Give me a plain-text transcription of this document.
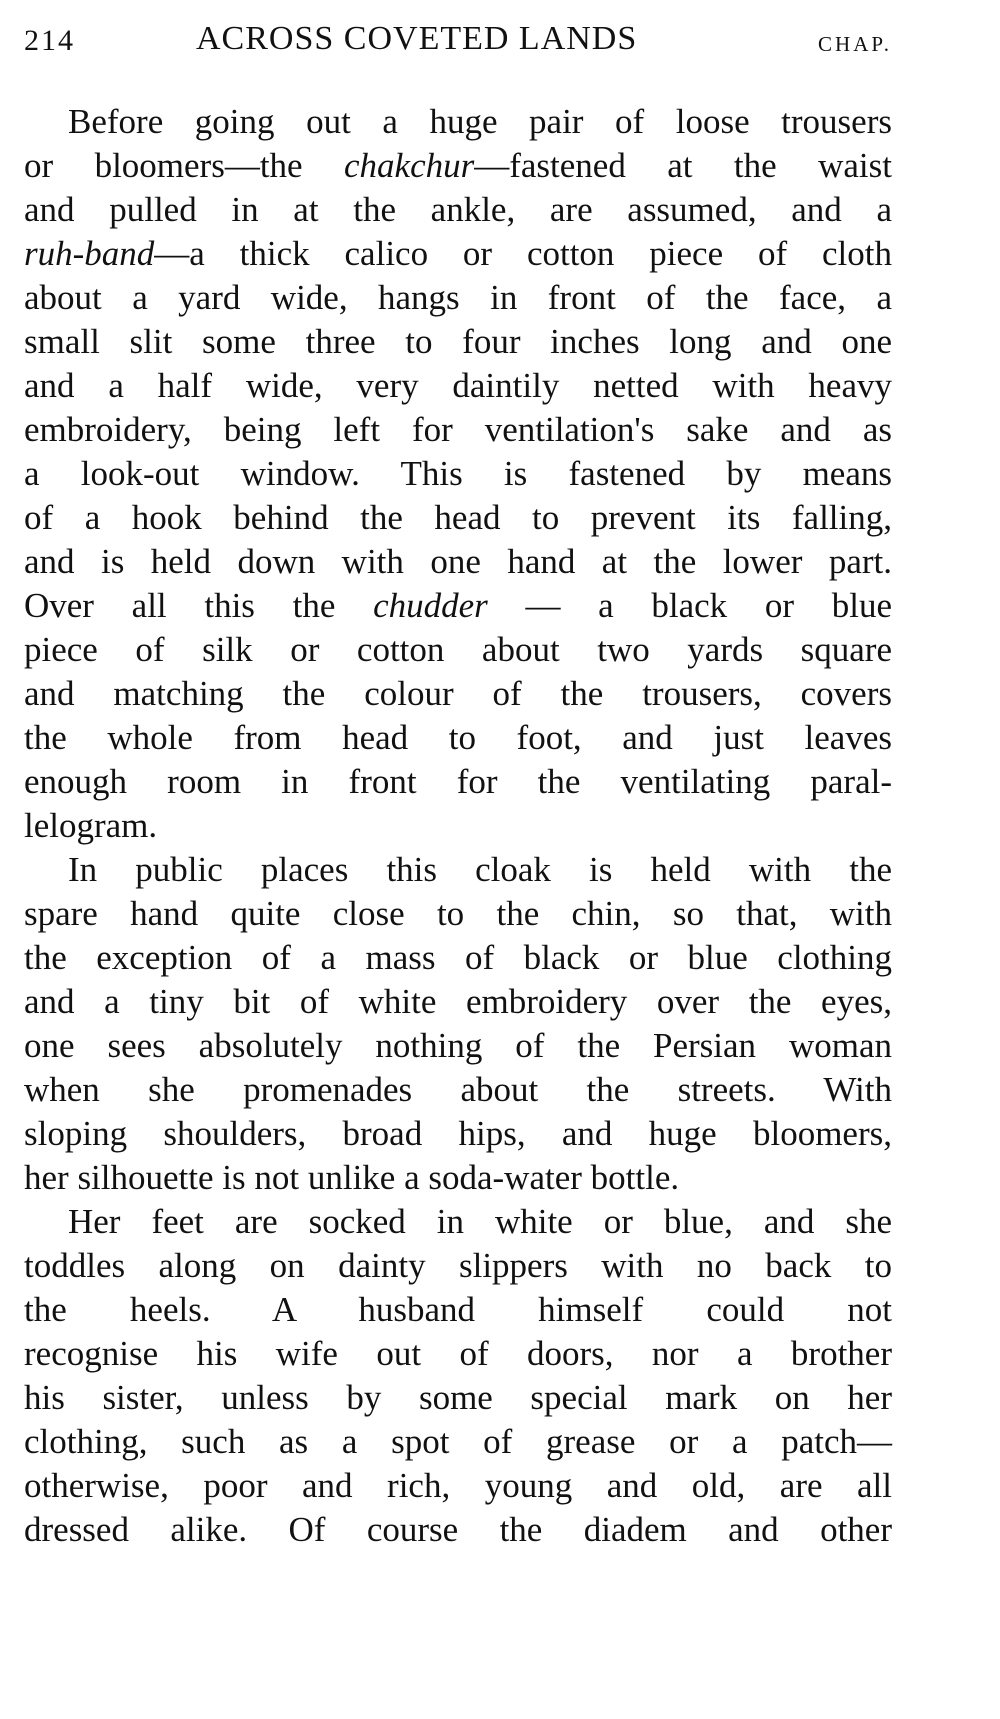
214	ACROSS COVETED LANDS	CHAP.
Before going out a huge pair of loose trousers
or bloomers—the chakchur—fastened at the waist
and pulled in at the ankle, are assumed, and a
ruh-band—a thick calico or cotton piece of cloth
about a yard wide, hangs in front of the face, a
small slit some three to four inches long and one
and a half wide, very daintily netted with heavy
embroidery, being left for ventilation's sake and as
a look-out window. This is fastened by means
of a hook behind the head to prevent its falling,
and is held down with one hand at the lower part.
Over all this the chudder — a black or blue
piece of silk or cotton about two yards square
and matching the colour of the trousers, covers
the whole from head to foot, and just leaves
enough room in front for the ventilating paral-
lelogram.
In public places this cloak is held with the
spare hand quite close to the chin, so that, with
the exception of a mass of black or blue clothing
and a tiny bit of white embroidery over the eyes,
one sees absolutely nothing of the Persian woman
when she promenades about the streets. With
sloping shoulders, broad hips, and huge bloomers,
her silhouette is not unlike a soda-water bottle.
Her feet are socked in white or blue, and she
toddles along on dainty slippers with no back to
the heels. A husband himself could not
recognise his wife out of doors, nor a brother
his sister, unless by some special mark on her
clothing, such as a spot of grease or a patch—
otherwise, poor and rich, young and old, are all
dressed alike. Of course the diadem and other
